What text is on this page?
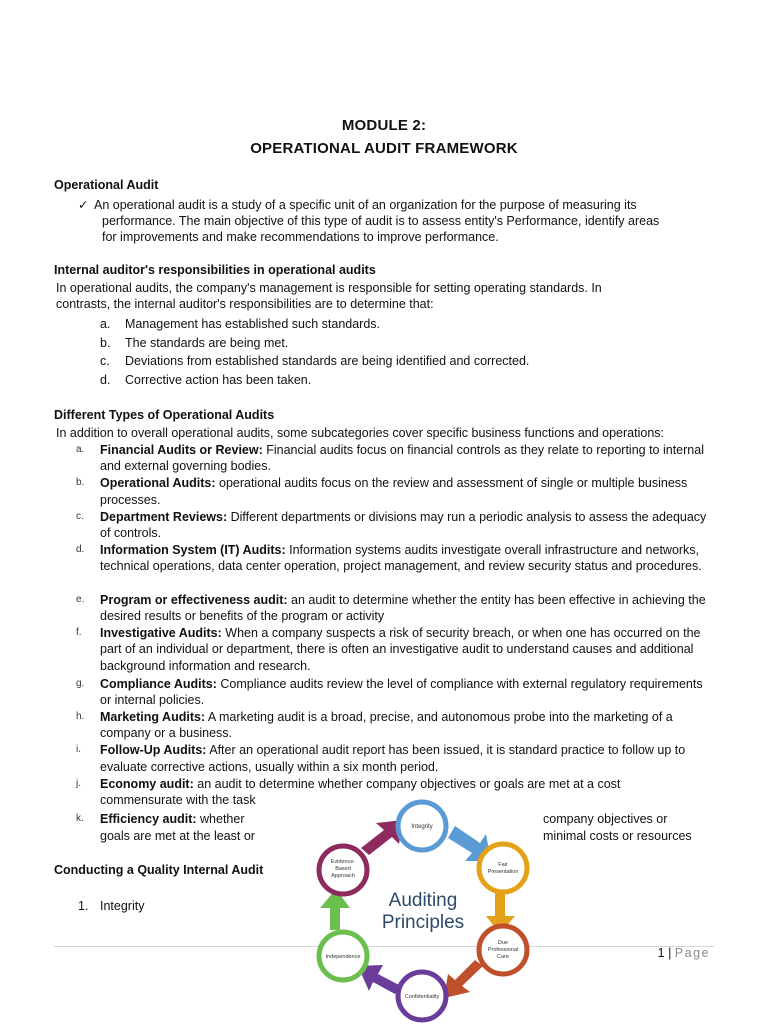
MODULE 2:
OPERATIONAL AUDIT FRAMEWORK
Operational Audit
✓ An operational audit is a study of a specific unit of an organization for the purpose of measuring its
performance. The main objective of this type of audit is to assess entity's Performance, identify areas
for improvements and make recommendations to improve performance.
Internal auditor's responsibilities in operational audits
In operational audits, the company's management is responsible for setting operating standards. In
contrasts, the internal auditor's responsibilities are to determine that:
a.	Management has established such standards.
b.	The standards are being met.
c.	Deviations from established standards are being identified and corrected.
d.	Corrective action has been taken.
Different Types of Operational Audits
In addition to overall operational audits, some subcategories cover specific business functions and operations:
a. Financial Audits or Review: Financial audits focus on financial controls as they relate to reporting to internal and external governing bodies.
b. Operational Audits: operational audits focus on the review and assessment of single or multiple business processes.
c. Department Reviews: Different departments or divisions may run a periodic analysis to assess the adequacy of controls.
d. Information System (IT) Audits: Information systems audits investigate overall infrastructure and networks, technical operations, data center operation, project management, and review security status and procedures.
e. Program or effectiveness audit: an audit to determine whether the entity has been effective in achieving the desired results or benefits of the program or activity
f. Investigative Audits: When a company suspects a risk of security breach, or when one has occurred on the part of an individual or department, there is often an investigative audit to understand causes and additional background information and research.
g. Compliance Audits: Compliance audits review the level of compliance with external regulatory requirements or internal policies.
h. Marketing Audits: A marketing audit is a broad, precise, and autonomous probe into the marketing of a company or a business.
i. Follow-Up Audits: After an operational audit report has been issued, it is standard practice to follow up to evaluate corrective actions, usually within a six month period.
j. Economy audit: an audit to determine whether company objectives or goals are met at a cost commensurate with the task
k. Efficiency audit: whether
goals are met at the least or
company objectives or
minimal costs or resources
Conducting a Quality Internal Audit
1. Integrity
1 | Page
Integrity
Fair
Presentation
Due
Professional
Care
Confidentiality
Independence
Evidence-
Based
Approach
Auditing
Principles
